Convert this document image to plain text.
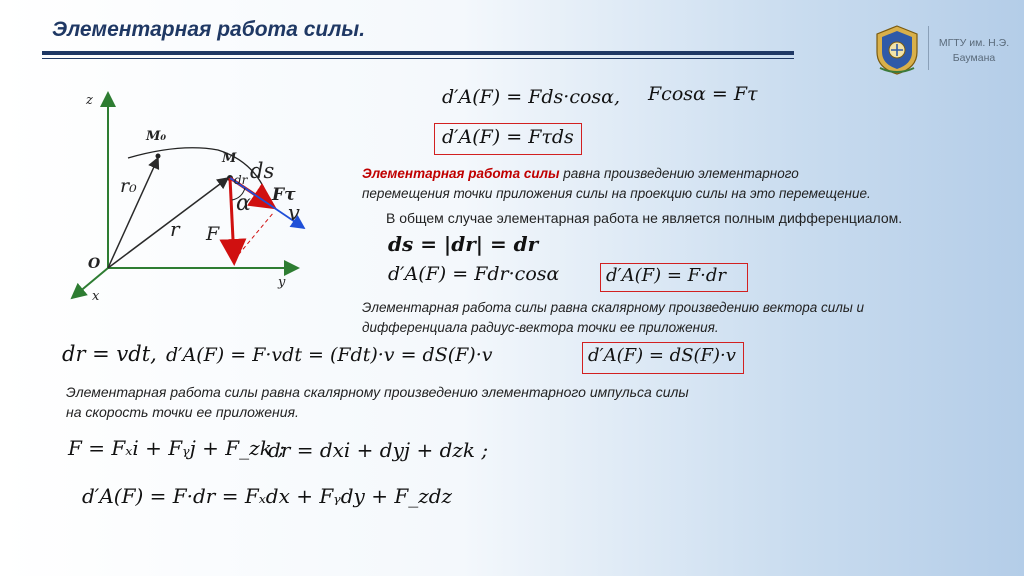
Элементарная работа силы.
МГТУ им. Н.Э. Баумана
z
y
x
O
M₀
M
r₀
r
dr ds
Fτ
α v
F
d′A(F) = Fds·cosα, Fcosα = Fτ
d′A(F) = Fτds
Элементарная работа силы равна произведению элементарного
перемещения точки приложения силы на проекцию силы на это перемещение.
В общем случае элементарная работа не является полным дифференциалом.
ds = |dr| = dr
d′A(F) = Fdr·cosα	d′A(F) = F·dr
Элементарная работа силы равна скалярному произведению вектора силы и
дифференциала радиус-вектора точки ее приложения.
dr = vdt, d′A(F) = F·vdt = (Fdt)·v = dS(F)·v	d′A(F) = dS(F)·v
Элементарная работа силы равна скалярному произведению элементарного импульса силы
на скорость точки ее приложения.
F = Fₓi + Fᵧj + F_zk ;
dr = dxi + dyj + dzk ;
d′A(F) = F·dr = Fₓdx + Fᵧdy + F_zdz
